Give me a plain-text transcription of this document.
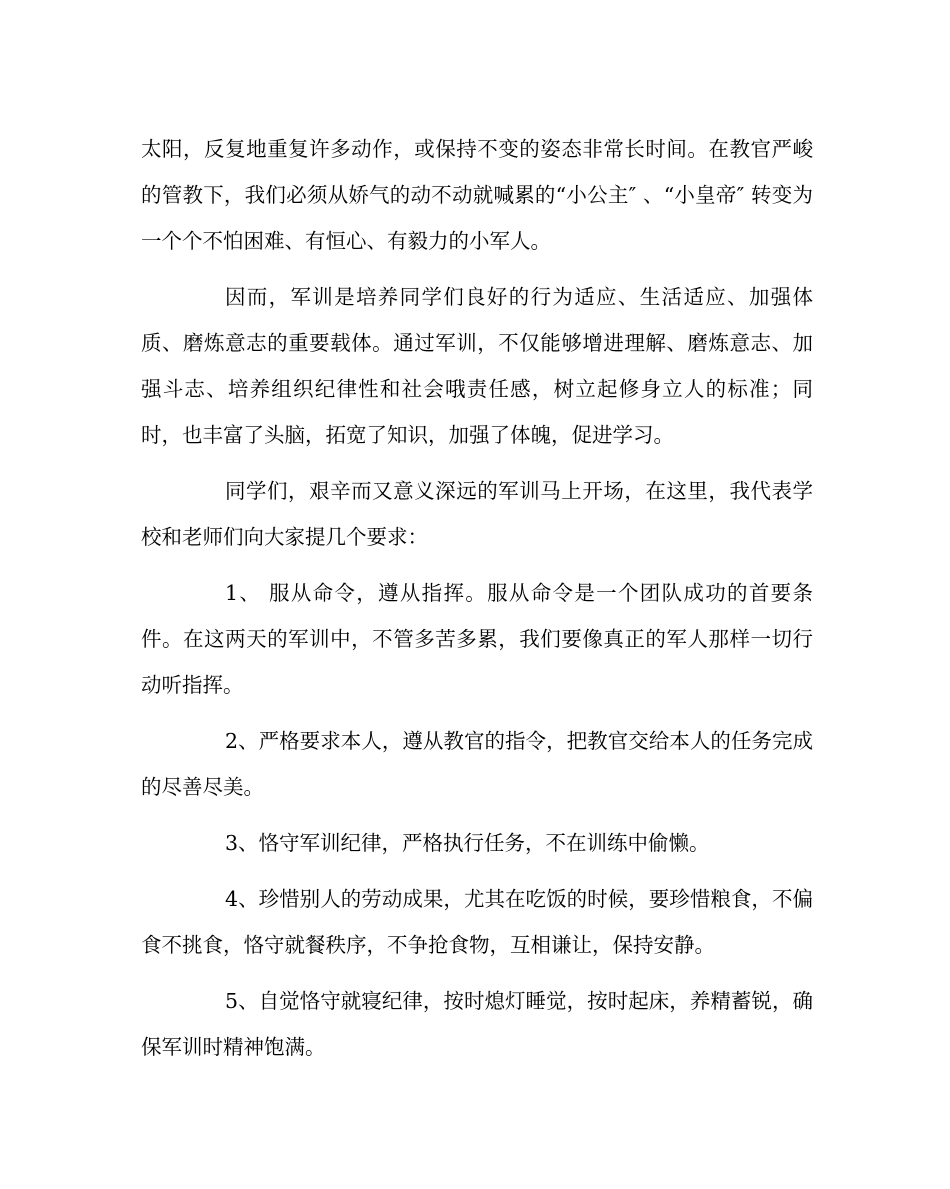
太阳，反复地重复许多动作，或保持不变的姿态非常长时间。在教官严峻的管教下，我们必须从娇气的动不动就喊累的“小公主″ 、“小皇帝″ 转变为一个个不怕困难、有恒心、有毅力的小军人。

因而，军训是培养同学们良好的行为适应、生活适应、加强体质、磨炼意志的重要载体。通过军训，不仅能够增进理解、磨炼意志、加强斗志、培养组织纪律性和社会哦责任感，树立起修身立人的标准；同时，也丰富了头脑，拓宽了知识，加强了体魄，促进学习。

同学们，艰辛而又意义深远的军训马上开场，在这里，我代表学校和老师们向大家提几个要求：

1、 服从命令，遵从指挥。服从命令是一个团队成功的首要条件。在这两天的军训中，不管多苦多累，我们要像真正的军人那样一切行动听指挥。

2、严格要求本人，遵从教官的指令，把教官交给本人的任务完成的尽善尽美。

3、恪守军训纪律，严格执行任务，不在训练中偷懒。

4、珍惜别人的劳动成果，尤其在吃饭的时候，要珍惜粮食，不偏食不挑食，恪守就餐秩序，不争抢食物，互相谦让，保持安静。

5、自觉恪守就寝纪律，按时熄灯睡觉，按时起床，养精蓄锐，确保军训时精神饱满。
